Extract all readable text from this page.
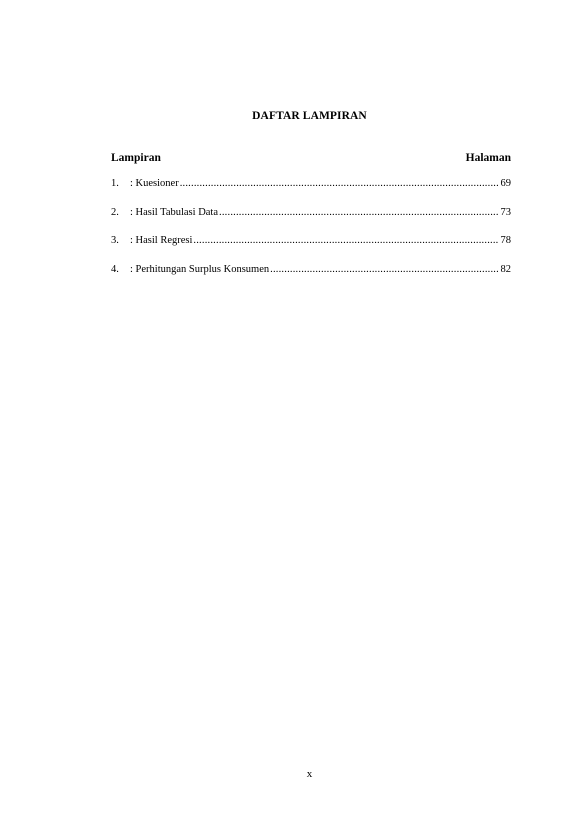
DAFTAR LAMPIRAN
Lampiran	Halaman
1.	: Kuesioner .....	69
2.	: Hasil Tabulasi Data .....	73
3.	: Hasil Regresi .....	78
4.	: Perhitungan Surplus Konsumen .....	82
x
